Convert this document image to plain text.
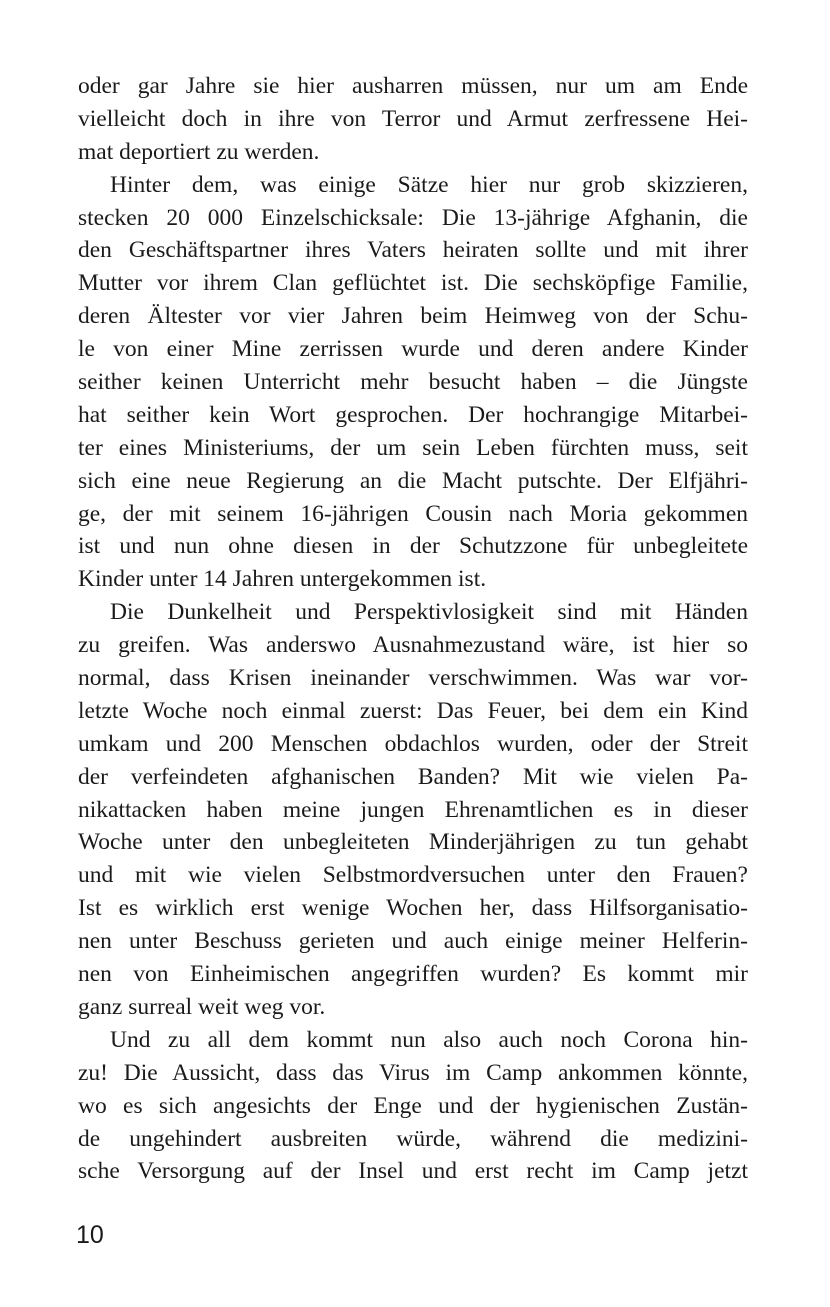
oder gar Jahre sie hier ausharren müssen, nur um am Ende
vielleicht doch in ihre von Terror und Armut zerfressene Hei-
mat deportiert zu werden.
Hinter dem, was einige Sätze hier nur grob skizzieren,
stecken 20 000 Einzelschicksale: Die 13-jährige Afghanin, die
den Geschäftspartner ihres Vaters heiraten sollte und mit ihrer
Mutter vor ihrem Clan geflüchtet ist. Die sechsköpfige Familie,
deren Ältester vor vier Jahren beim Heimweg von der Schu-
le von einer Mine zerrissen wurde und deren andere Kinder
seither keinen Unterricht mehr besucht haben – die Jüngste
hat seither kein Wort gesprochen. Der hochrangige Mitarbei-
ter eines Ministeriums, der um sein Leben fürchten muss, seit
sich eine neue Regierung an die Macht putschte. Der Elfjähri-
ge, der mit seinem 16-jährigen Cousin nach Moria gekommen
ist und nun ohne diesen in der Schutzzone für unbegleitete
Kinder unter 14 Jahren untergekommen ist.
Die Dunkelheit und Perspektivlosigkeit sind mit Händen
zu greifen. Was anderswo Ausnahmezustand wäre, ist hier so
normal, dass Krisen ineinander verschwimmen. Was war vor-
letzte Woche noch einmal zuerst: Das Feuer, bei dem ein Kind
umkam und 200 Menschen obdachlos wurden, oder der Streit
der verfeindeten afghanischen Banden? Mit wie vielen Pa-
nikattacken haben meine jungen Ehrenamtlichen es in dieser
Woche unter den unbegleiteten Minderjährigen zu tun gehabt
und mit wie vielen Selbstmordversuchen unter den Frauen?
Ist es wirklich erst wenige Wochen her, dass Hilfsorganisatio-
nen unter Beschuss gerieten und auch einige meiner Helferin-
nen von Einheimischen angegriffen wurden? Es kommt mir
ganz surreal weit weg vor.
Und zu all dem kommt nun also auch noch Corona hin-
zu! Die Aussicht, dass das Virus im Camp ankommen könnte,
wo es sich angesichts der Enge und der hygienischen Zustän-
de ungehindert ausbreiten würde, während die medizini-
sche Versorgung auf der Insel und erst recht im Camp jetzt
10
